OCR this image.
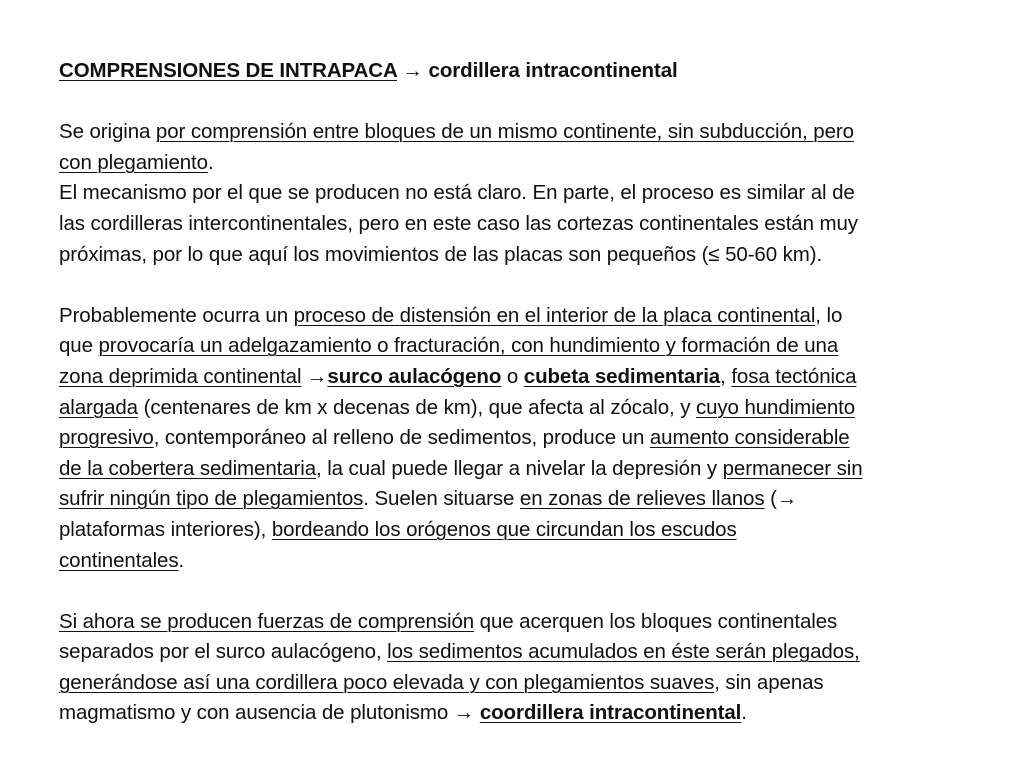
COMPRENSIONES DE INTRAPACA → cordillera intracontinental
Se origina por comprensión entre bloques de un mismo continente, sin subducción, pero
con plegamiento.
El mecanismo por el que se producen no está claro. En parte, el proceso es similar al de
las cordilleras intercontinentales, pero en este caso las cortezas continentales están muy
próximas, por lo que aquí los movimientos de las placas son pequeños (≤ 50-60 km).
Probablemente ocurra un proceso de distensión en el interior de la placa continental, lo
que provocaría un adelgazamiento o fracturación, con hundimiento y formación de una
zona deprimida continental →surco aulacógeno o cubeta sedimentaria, fosa tectónica
alargada (centenares de km x decenas de km), que afecta al zócalo, y cuyo hundimiento
progresivo, contemporáneo al relleno de sedimentos, produce un aumento considerable
de la cobertera sedimentaria, la cual puede llegar a nivelar la depresión y permanecer sin
sufrir ningún tipo de plegamientos. Suelen situarse en zonas de relieves llanos (→
plataformas interiores), bordeando los orógenos que circundan los escudos
continentales.
Si ahora se producen fuerzas de comprensión que acerquen los bloques continentales
separados por el surco aulacógeno, los sedimentos acumulados en éste serán plegados,
generándose así una cordillera poco elevada y con plegamientos suaves, sin apenas
magmatismo y con ausencia de plutonismo → coordillera intracontinental.
